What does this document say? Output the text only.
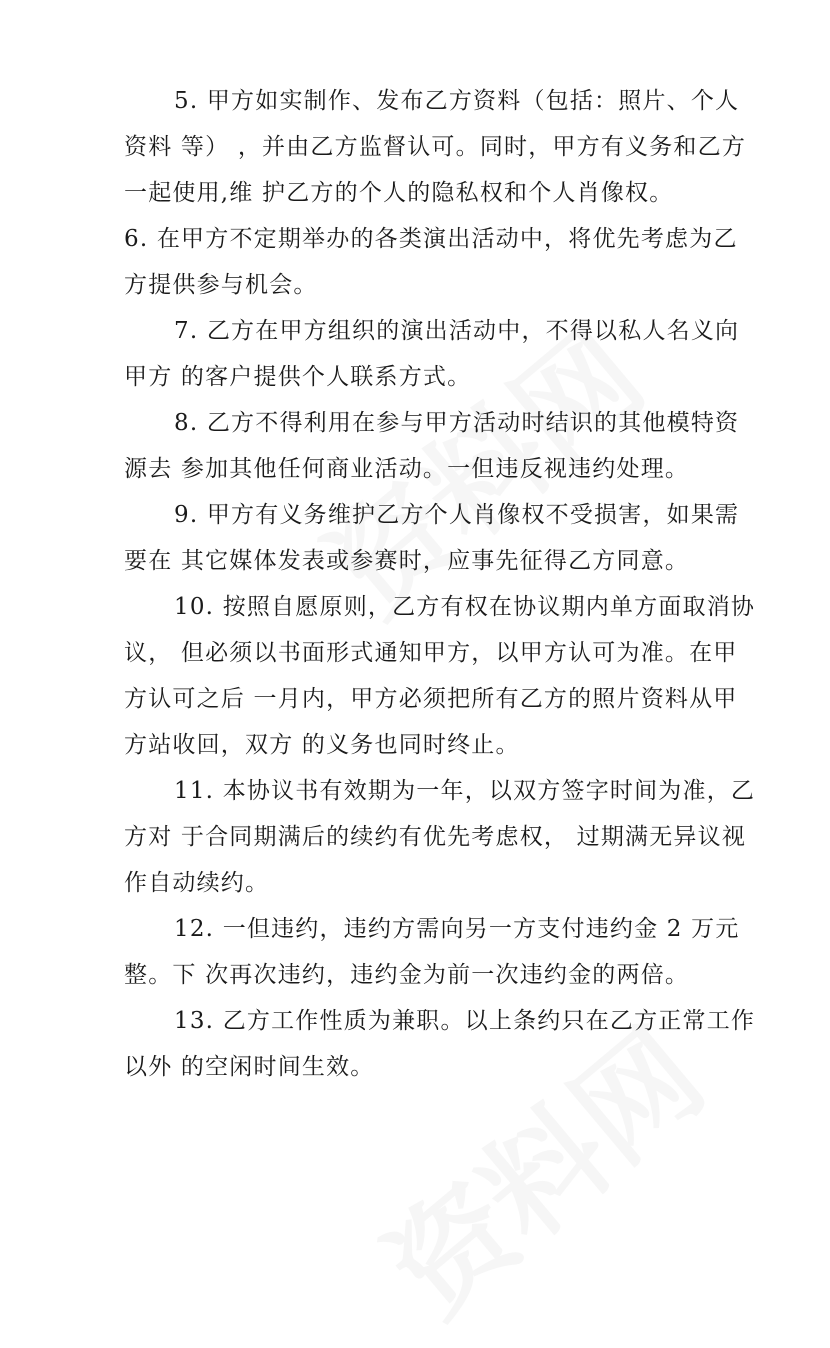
5. 甲方如实制作、发布乙方资料（包括：照片、个人
资料 等） ，并由乙方监督认可。同时，甲方有义务和乙方
一起使用,维 护乙方的个人的隐私权和个人肖像权。
6. 在甲方不定期举办的各类演出活动中，将优先考虑为乙
方提供参与机会。
7. 乙方在甲方组织的演出活动中，不得以私人名义向
甲方 的客户提供个人联系方式。
8. 乙方不得利用在参与甲方活动时结识的其他模特资
源去 参加其他任何商业活动。一但违反视违约处理。
9. 甲方有义务维护乙方个人肖像权不受损害，如果需
要在 其它媒体发表或参赛时，应事先征得乙方同意。
10. 按照自愿原则，乙方有权在协议期内单方面取消协
议， 但必须以书面形式通知甲方，以甲方认可为准。在甲
方认可之后 一月内，甲方必须把所有乙方的照片资料从甲
方站收回，双方 的义务也同时终止。
11. 本协议书有效期为一年，以双方签字时间为准，乙
方对 于合同期满后的续约有优先考虑权， 过期满无异议视
作自动续约。
12. 一但违约，违约方需向另一方支付违约金 2 万元
整。下 次再次违约，违约金为前一次违约金的两倍。
13. 乙方工作性质为兼职。以上条约只在乙方正常工作
以外 的空闲时间生效。
